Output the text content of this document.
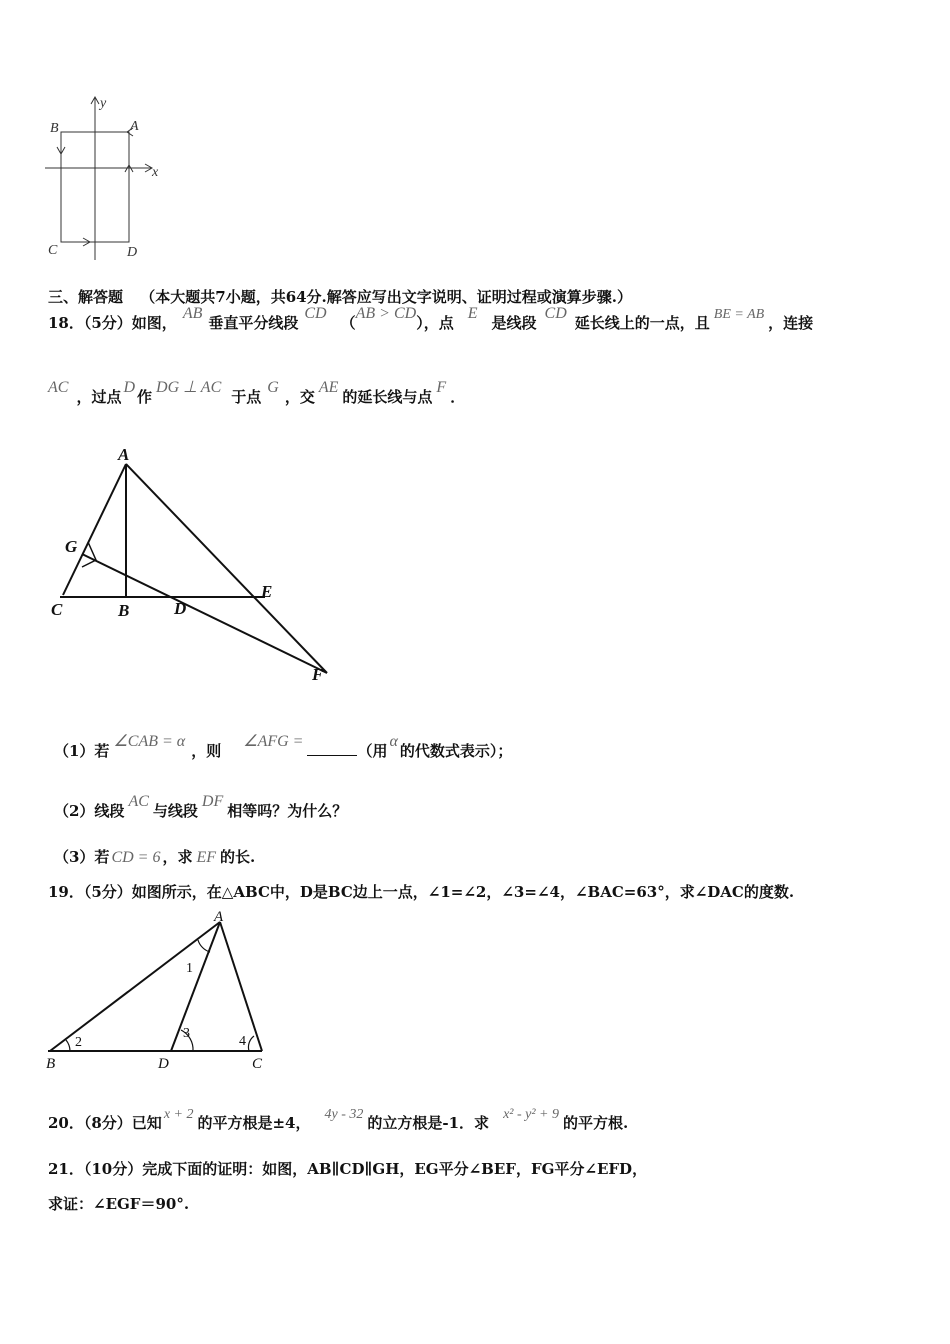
y
x
A
B
C	D
三、解答题 （本大题共7小题，共64分.解答应写出文字说明、证明过程或演算步骤.）
18．（5分）如图，AB垂直平分线段CD（AB > CD），点E是线段CD延长线上的一点，且 BE = AB ，连接
AC，过点D作DG ⊥ AC于点G，交AE的延长线与点F．
A
G
C	B	D
E
F
（1）若∠CAB = α，则∠AFG =（用α的代数式表示）；
（2）线段AC与线段DF相等吗？为什么？
（3）若 CD = 6 ，求 EF 的长.
19．（5分）如图所示，在△ABC中，D是BC边上一点，∠1=∠2，∠3=∠4，∠BAC=63°，求∠DAC的度数.
A
B	D	C
1
2
3
4
20．（8分）已知 x + 2 的平方根是±4， 4y - 32 的立方根是-1．求 x² - y² + 9 的平方根.
21．（10分）完成下面的证明：如图，AB∥CD∥GH，EG平分∠BEF，FG平分∠EFD，
求证：∠EGF＝90°.
